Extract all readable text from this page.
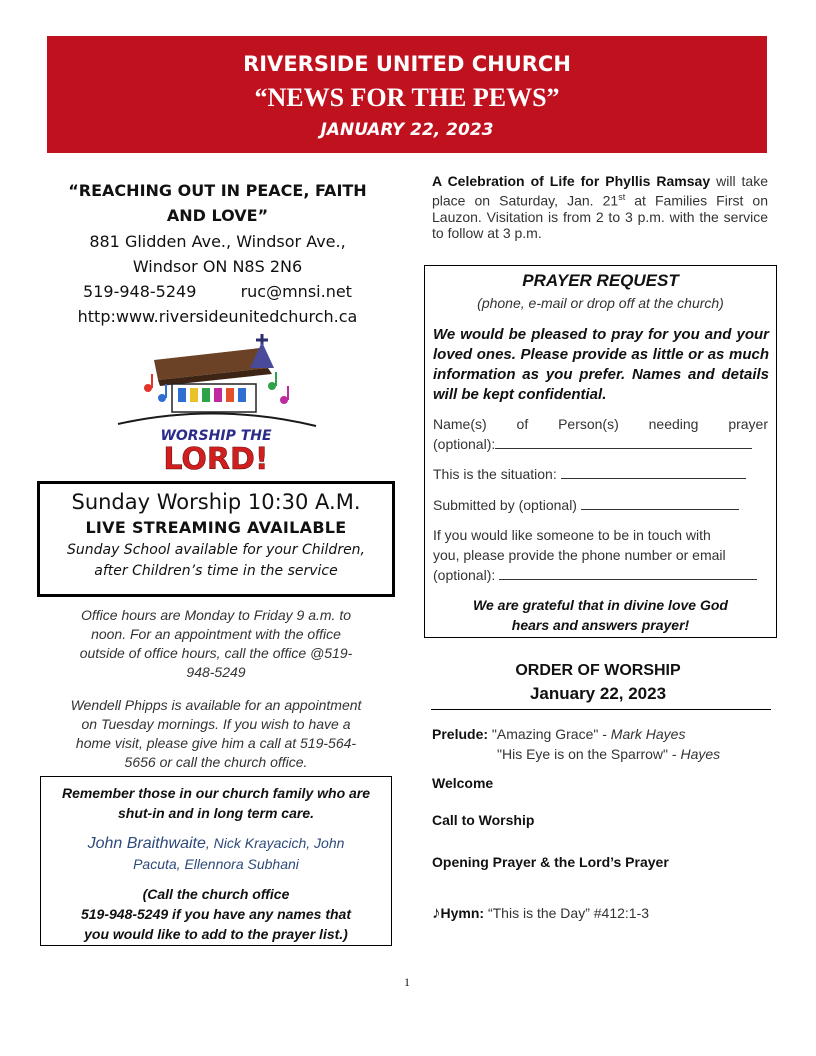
RIVERSIDE UNITED CHURCH
“NEWS FOR THE PEWS”
JANUARY 22, 2023
“REACHING OUT IN PEACE, FAITH
AND LOVE”
881 Glidden Ave., Windsor Ave.,
Windsor ON N8S 2N6
519-948-5249	ruc@mnsi.net
http:www.riversideunitedchurch.ca
WORSHIP THE
LORD!
Sunday Worship 10:30 A.M.
LIVE STREAMING AVAILABLE
Sunday School available for your Children,
after Children’s time in the service
Office hours are Monday to Friday 9 a.m. to
noon. For an appointment with the office
outside of office hours, call the office @519-
948-5249
Wendell Phipps is available for an appointment
on Tuesday mornings. If you wish to have a
home visit, please give him a call at 519-564-
5656 or call the church office.
Remember those in our church family who are shut-in and in long term care.
John Braithwaite, Nick Krayacich, John
Pacuta, Ellennora Subhani
(Call the church office
519-948-5249 if you have any names that
you would like to add to the prayer list.)
A Celebration of Life for Phyllis Ramsay will take place on Saturday, Jan. 21st at Families First on Lauzon. Visitation is from 2 to 3 p.m. with the service to follow at 3 p.m.
PRAYER REQUEST
(phone, e-mail or drop off at the church)
We would be pleased to pray for you and your loved ones. Please provide as little or as much information as you prefer. Names and details will be kept confidential.
Name(s) of Person(s) needing prayer
(optional):
This is the situation:
Submitted by (optional)
If you would like someone to be in touch with
you, please provide the phone number or email
(optional):
We are grateful that in divine love God
hears and answers prayer!
ORDER OF WORSHIP
January 22, 2023
Prelude: "Amazing Grace" - Mark Hayes
"His Eye is on the Sparrow" - Hayes
Welcome
Call to Worship
Opening Prayer & the Lord’s Prayer
♪Hymn: “This is the Day” #412:1-3
1
